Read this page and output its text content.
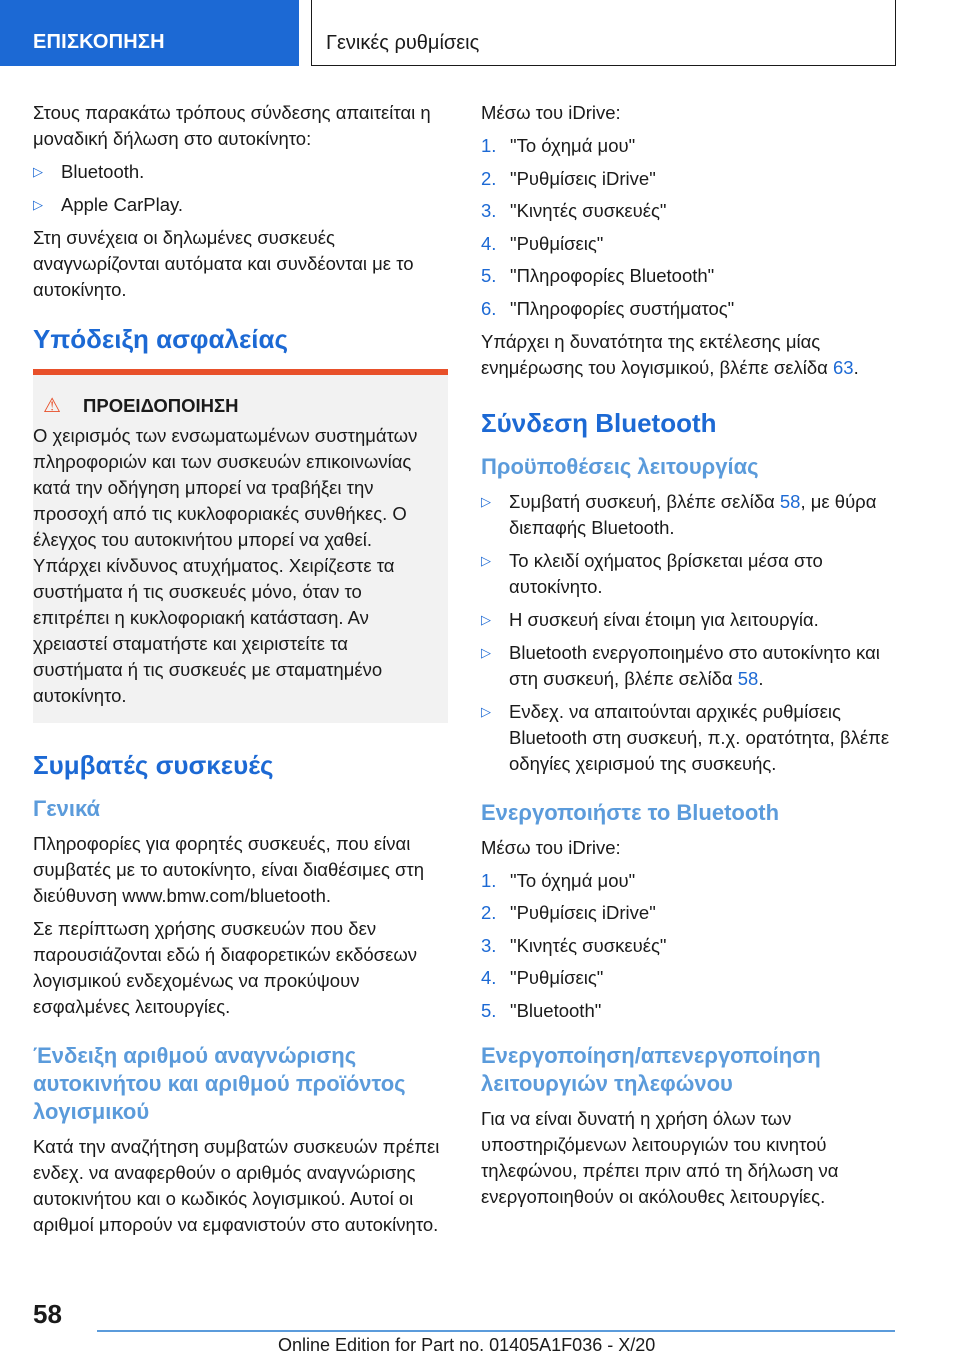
ΕΠΙΣΚΟΠΗΣΗ	Γενικές ρυθμίσεις

Στους παρακάτω τρόπους σύνδεσης απαιτείται η μοναδική δήλωση στο αυτοκίνητο:

▷ Bluetooth.
▷ Apple CarPlay.

Στη συνέχεια οι δηλωμένες συσκευές αναγνωρίζονται αυτόματα και συνδέονται με το αυτοκίνητο.

Υπόδειξη ασφαλείας
⚠ ΠΡΟΕΙΔΟΠΟΙΗΣΗ

Ο χειρισμός των ενσωματωμένων συστημάτων πληροφοριών και των συσκευών επικοινωνίας κατά την οδήγηση μπορεί να τραβήξει την προσοχή από τις κυκλοφοριακές συνθήκες. Ο έλεγχος του αυτοκινήτου μπορεί να χαθεί. Υπάρχει κίνδυνος ατυχήματος. Χειρίζεστε τα συστήματα ή τις συσκευές μόνο, όταν το επιτρέπει η κυκλοφοριακή κατάσταση. Αν χρειαστεί σταματήστε και χειριστείτε τα συστήματα ή τις συσκευές με σταματημένο αυτοκίνητο.

Συμβατές συσκευές
Γενικά

Πληροφορίες για φορητές συσκευές, που είναι συμβατές με το αυτοκίνητο, είναι διαθέσιμες στη διεύθυνση www.bmw.com/bluetooth.

Σε περίπτωση χρήσης συσκευών που δεν παρουσιάζονται εδώ ή διαφορετικών εκδόσεων λογισμικού ενδεχομένως να προκύψουν εσφαλμένες λειτουργίες.

Ένδειξη αριθμού αναγνώρισης αυτοκινήτου και αριθμού προϊόντος λογισμικού

Κατά την αναζήτηση συμβατών συσκευών πρέπει ενδεχ. να αναφερθούν ο αριθμός αναγνώρισης αυτοκινήτου και ο κωδικός λογισμικού. Αυτοί οι αριθμοί μπορούν να εμφανιστούν στο αυτοκίνητο.

Μέσω του iDrive:

1. "Το όχημά μου"
2. "Ρυθμίσεις iDrive"
3. "Κινητές συσκευές"
4. "Ρυθμίσεις"
5. "Πληροφορίες Bluetooth"
6. "Πληροφορίες συστήματος"

Υπάρχει η δυνατότητα της εκτέλεσης μίας ενημέρωσης του λογισμικού, βλέπε σελίδα 63.

Σύνδεση Bluetooth
Προϋποθέσεις λειτουργίας
▷ Συμβατή συσκευή, βλέπε σελίδα 58, με θύρα διεπαφής Bluetooth.
▷ Το κλειδί οχήματος βρίσκεται μέσα στο αυτοκίνητο.
▷ Η συσκευή είναι έτοιμη για λειτουργία.
▷ Bluetooth ενεργοποιημένο στο αυτοκίνητο και στη συσκευή, βλέπε σελίδα 58.
▷ Ενδεχ. να απαιτούνται αρχικές ρυθμίσεις Bluetooth στη συσκευή, π.χ. ορατότητα, βλέπε οδηγίες χειρισμού της συσκευής.
Ενεργοποιήστε το Bluetooth

Μέσω του iDrive:

1. "Το όχημά μου"
2. "Ρυθμίσεις iDrive"
3. "Κινητές συσκευές"
4. "Ρυθμίσεις"
5. "Bluetooth"
Ενεργοποίηση/απενεργοποίηση λειτουργιών τηλεφώνου

Για να είναι δυνατή η χρήση όλων των υποστηριζόμενων λειτουργιών του κινητού τηλεφώνου, πρέπει πριν από τη δήλωση να ενεργοποιηθούν οι ακόλουθες λειτουργίες.

58
Online Edition for Part no. 01405A1F036 - X/20
